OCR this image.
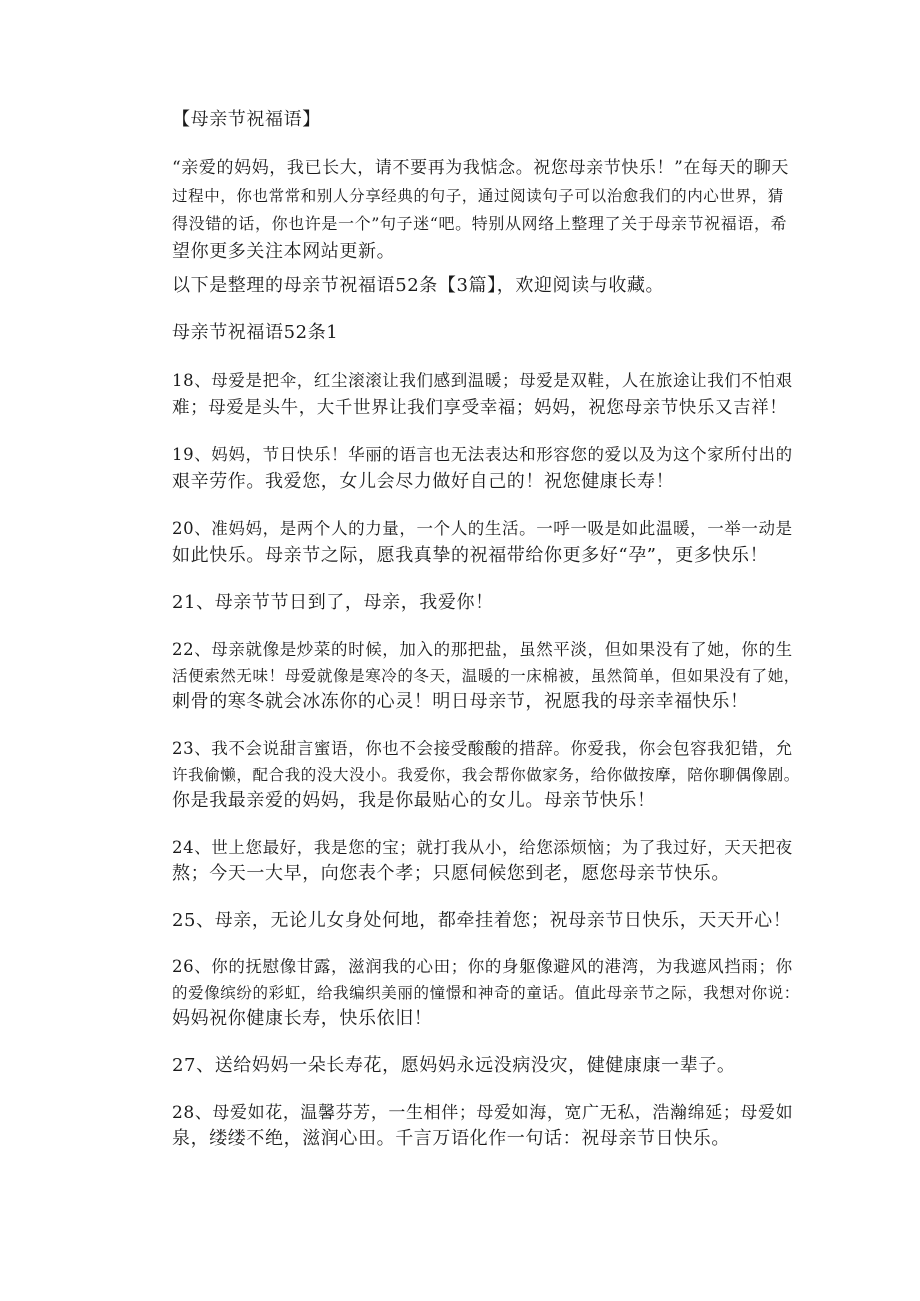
【母亲节祝福语】
“亲爱的妈妈，我已长大，请不要再为我惦念。祝您母亲节快乐！”在每天的聊天
过程中，你也常常和别人分享经典的句子，通过阅读句子可以治愈我们的内心世界，猜
得没错的话，你也许是一个”句子迷“吧。特别从网络上整理了关于母亲节祝福语，希
望你更多关注本网站更新。
以下是整理的母亲节祝福语52条【3篇】，欢迎阅读与收藏。
母亲节祝福语52条1
18、母爱是把伞，红尘滚滚让我们感到温暖；母爱是双鞋，人在旅途让我们不怕艰
难；母爱是头牛，大千世界让我们享受幸福；妈妈，祝您母亲节快乐又吉祥！
19、妈妈，节日快乐！华丽的语言也无法表达和形容您的爱以及为这个家所付出的
艰辛劳作。我爱您，女儿会尽力做好自己的！祝您健康长寿！
20、准妈妈，是两个人的力量，一个人的生活。一呼一吸是如此温暖，一举一动是
如此快乐。母亲节之际，愿我真挚的祝福带给你更多好“孕”，更多快乐！
21、母亲节节日到了，母亲，我爱你！
22、母亲就像是炒菜的时候，加入的那把盐，虽然平淡，但如果没有了她，你的生
活便索然无味！母爱就像是寒冷的冬天，温暖的一床棉被，虽然简单，但如果没有了她，
刺骨的寒冬就会冰冻你的心灵！明日母亲节，祝愿我的母亲幸福快乐！
23、我不会说甜言蜜语，你也不会接受酸酸的措辞。你爱我，你会包容我犯错，允
许我偷懒，配合我的没大没小。我爱你，我会帮你做家务，给你做按摩，陪你聊偶像剧。
你是我最亲爱的妈妈，我是你最贴心的女儿。母亲节快乐！
24、世上您最好，我是您的宝；就打我从小，给您添烦恼；为了我过好，天天把夜
熬；今天一大早，向您表个孝；只愿伺候您到老，愿您母亲节快乐。
25、母亲，无论儿女身处何地，都牵挂着您；祝母亲节日快乐，天天开心！
26、你的抚慰像甘露，滋润我的心田；你的身躯像避风的港湾，为我遮风挡雨；你
的爱像缤纷的彩虹，给我编织美丽的憧憬和神奇的童话。值此母亲节之际，我想对你说：
妈妈祝你健康长寿，快乐依旧！
27、送给妈妈一朵长寿花，愿妈妈永远没病没灾，健健康康一辈子。
28、母爱如花，温馨芬芳，一生相伴；母爱如海，宽广无私，浩瀚绵延；母爱如
泉，缕缕不绝，滋润心田。千言万语化作一句话：祝母亲节日快乐。
